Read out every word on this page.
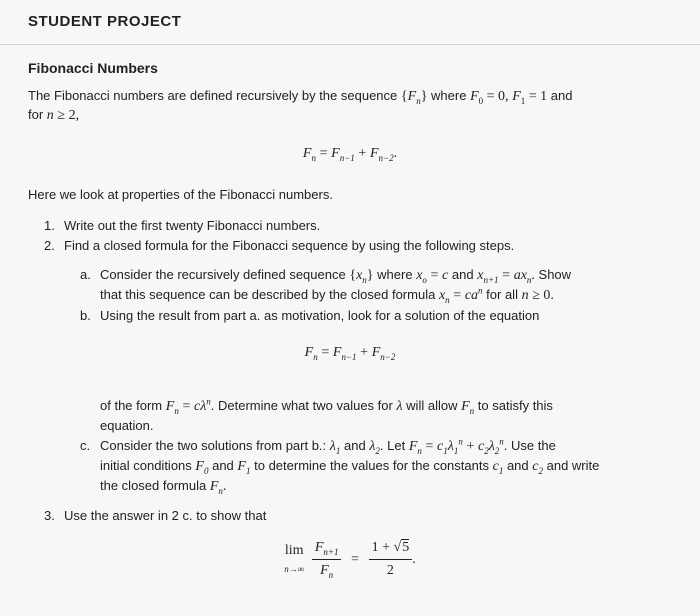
STUDENT PROJECT
Fibonacci Numbers
The Fibonacci numbers are defined recursively by the sequence $\{F_n\}$ where $F_0 = 0$, $F_1 = 1$ and
for n ≥ 2,
$F_n = F_{n-1} + F_{n-2}$.
Here we look at properties of the Fibonacci numbers.
1. Write out the first twenty Fibonacci numbers.
2. Find a closed formula for the Fibonacci sequence by using the following steps.
a. Consider the recursively defined sequence $\{x_n\}$ where $x_o = c$ and $x_{n+1} = ax_n$. Show
that this sequence can be described by the closed formula $x_n = ca^n$ for all n ≥ 0.
b. Using the result from part a. as motivation, look for a solution of the equation
$F_n = F_{n-1} + F_{n-2}$
of the form $F_n = c\lambda^n$. Determine what two values for λ will allow $F_n$ to satisfy this
equation.
c. Consider the two solutions from part b.: $\lambda_1$ and $\lambda_2$. Let $F_n = c_1\lambda_1^n + c_2\lambda_2^n$. Use the
initial conditions $F_0$ and $F_1$ to determine the values for the constants $c_1$ and $c_2$ and write
the closed formula $F_n$.
3. Use the answer in 2 c. to show that
lim
n→∞
$\frac{F_{n+1}}{F_n} = \frac{1 + √5}{2}$ .
